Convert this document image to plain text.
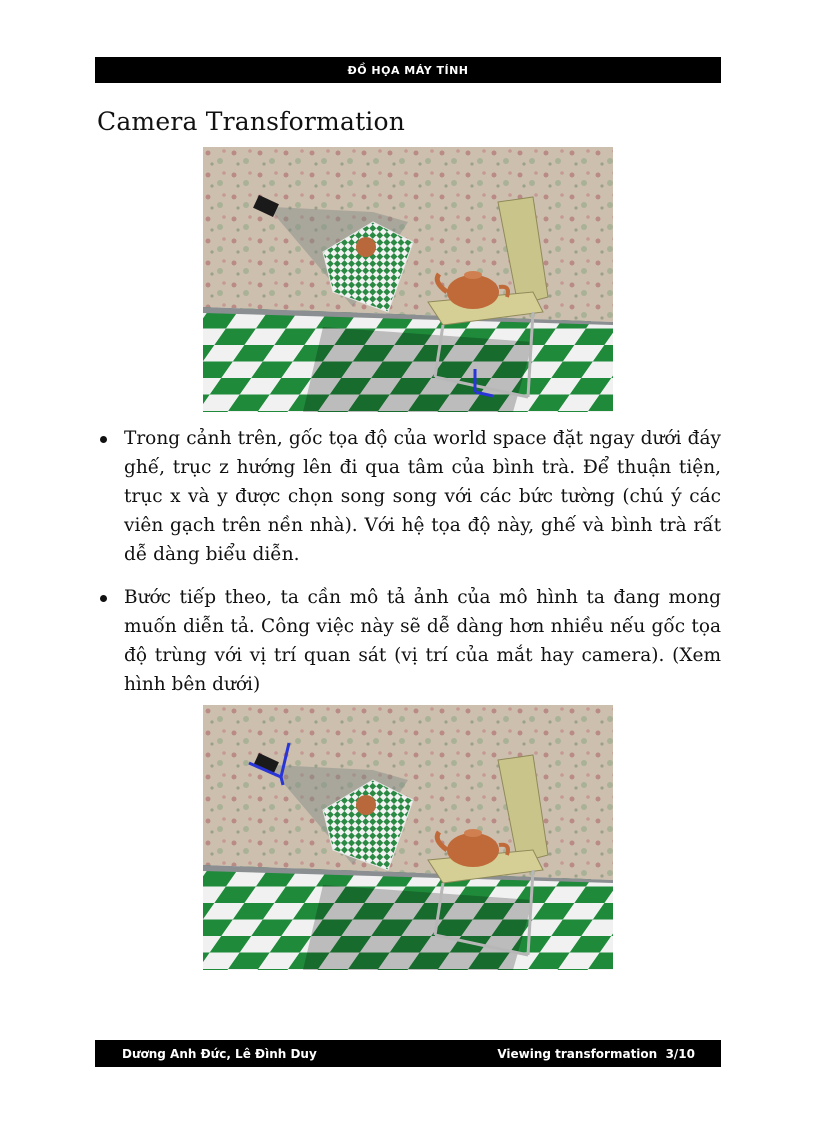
ĐỒ HỌA MÁY TÍNH
Camera Transformation
Trong cảnh trên, gốc tọa độ của world space đặt ngay dưới đáy ghế, trục z hướng lên đi qua tâm của bình trà. Để thuận tiện, trục x và y được chọn song song với các bức tường (chú ý các viên gạch trên nền nhà). Với hệ tọa độ này, ghế và bình trà rất dễ dàng biểu diễn.
Bước tiếp theo, ta cần mô tả ảnh của mô hình ta đang mong muốn diễn tả. Công việc này sẽ dễ dàng hơn nhiều nếu gốc tọa độ trùng với vị trí quan sát (vị trí của mắt hay camera). (Xem hình bên dưới)
Dương Anh Đức, Lê Đình Duy	Viewing transformation  3/10
